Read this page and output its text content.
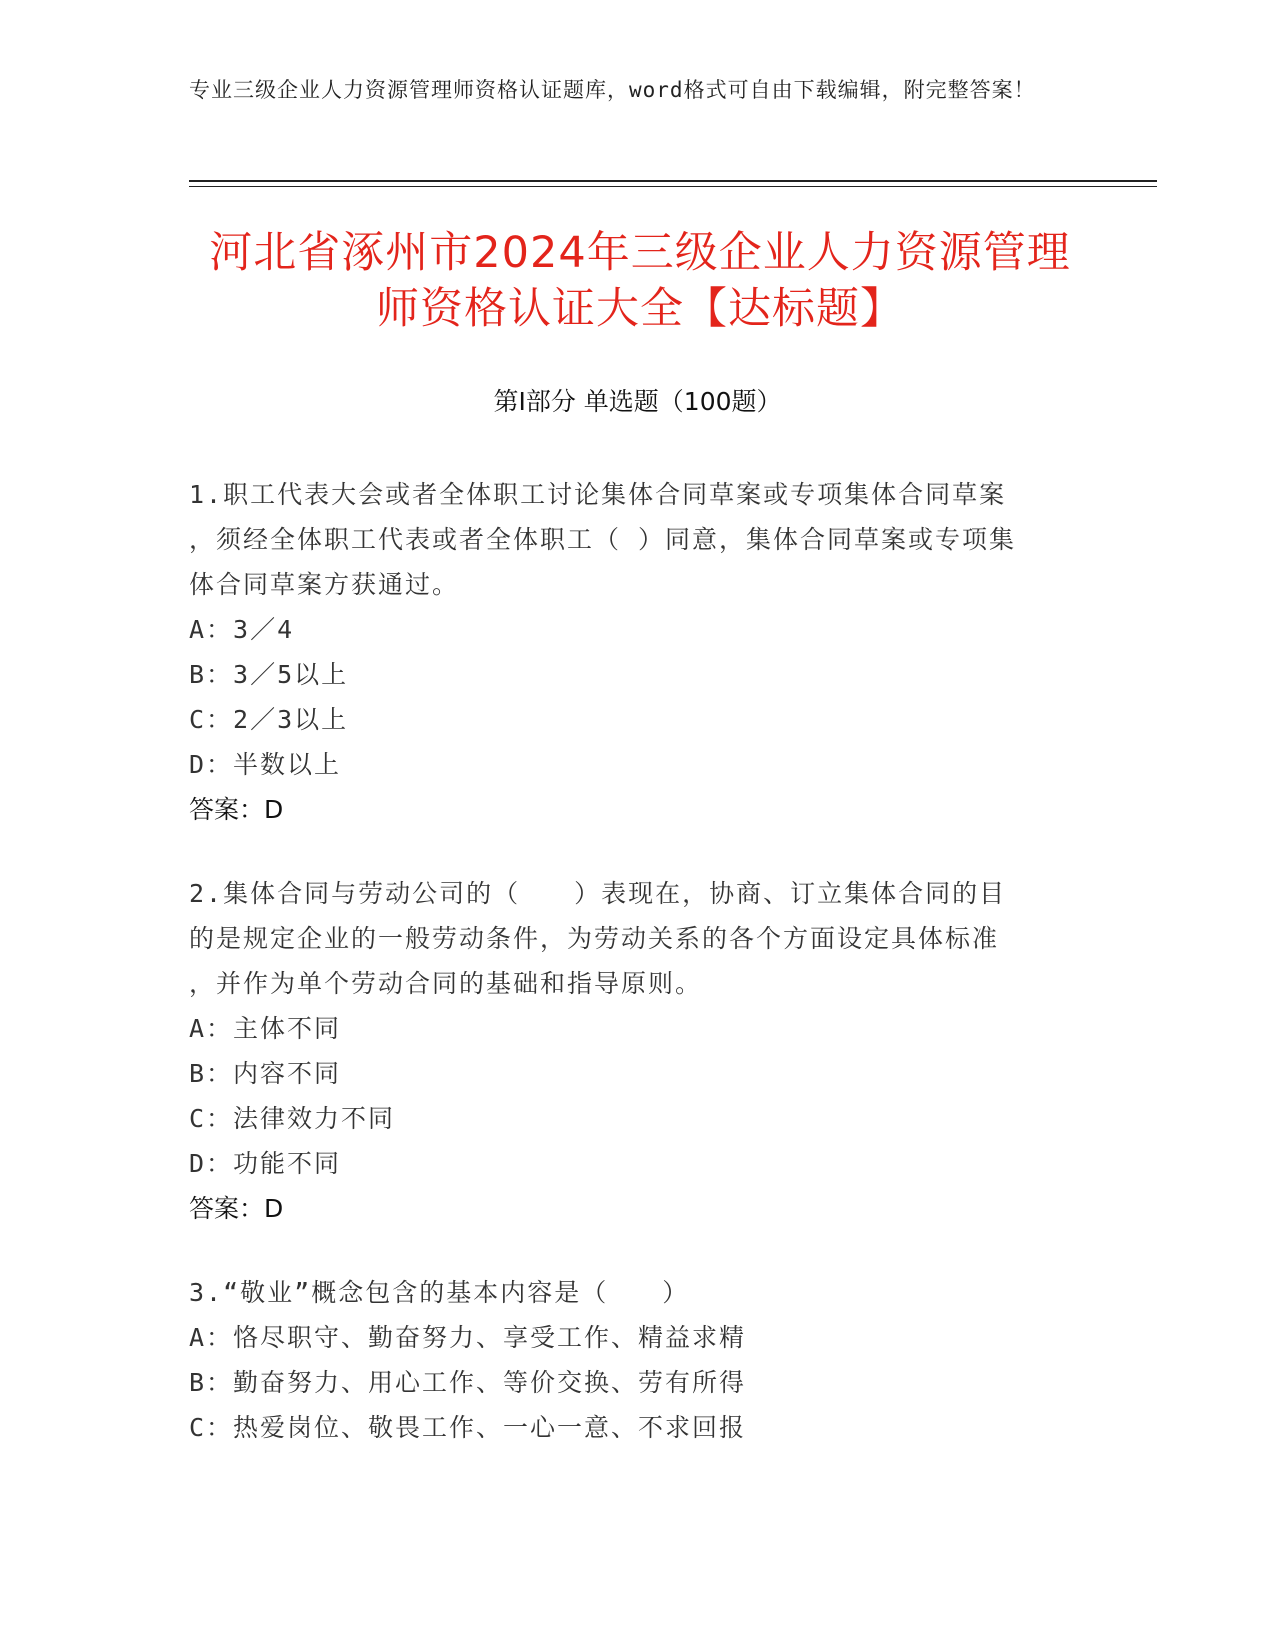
专业三级企业人力资源管理师资格认证题库，word格式可自由下载编辑，附完整答案！
河北省涿州市2024年三级企业人力资源管理
师资格认证大全【达标题】
第Ⅰ部分 单选题（100题）
1.职工代表大会或者全体职工讨论集体合同草案或专项集体合同草案
，须经全体职工代表或者全体职工（ ）同意，集体合同草案或专项集
体合同草案方获通过。
A：3／4
B：3／5以上
C：2／3以上
D：半数以上
答案：D
2.集体合同与劳动公司的（　　）表现在，协商、订立集体合同的目
的是规定企业的一般劳动条件，为劳动关系的各个方面设定具体标准
，并作为单个劳动合同的基础和指导原则。
A：主体不同
B：内容不同
C：法律效力不同
D：功能不同
答案：D
3.“敬业”概念包含的基本内容是（　　）
A：恪尽职守、勤奋努力、享受工作、精益求精
B：勤奋努力、用心工作、等价交换、劳有所得
C：热爱岗位、敬畏工作、一心一意、不求回报
